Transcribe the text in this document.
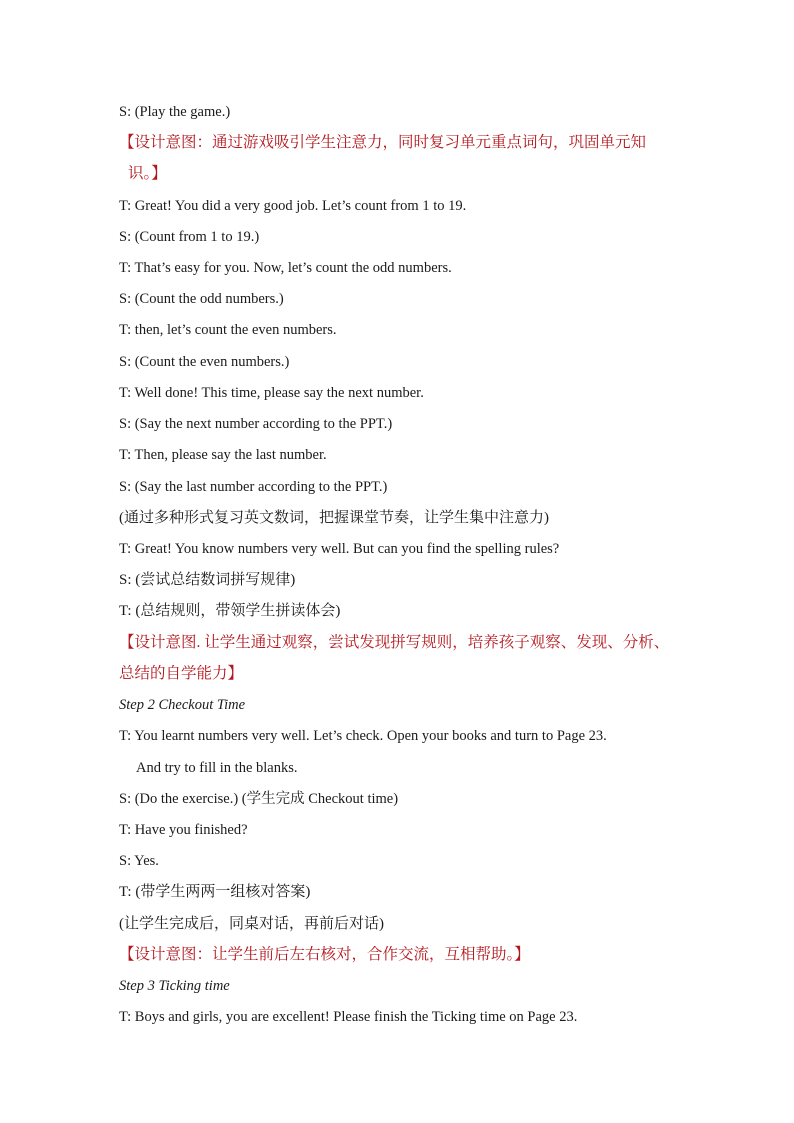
S: (Play the game.)
【设计意图：通过游戏吸引学生注意力，同时复习单元重点词句，巩固单元知
识。】
T: Great! You did a very good job. Let’s count from 1 to 19.
S: (Count from 1 to 19.)
T: That’s easy for you. Now, let’s count the odd numbers.
S: (Count the odd numbers.)
T: then, let’s count the even numbers.
S: (Count the even numbers.)
T: Well done! This time, please say the next number.
S: (Say the next number according to the PPT.)
T: Then, please say the last number.
S: (Say the last number according to the PPT.)
(通过多种形式复习英文数词，把握课堂节奏，让学生集中注意力)
T: Great! You know numbers very well. But can you find the spelling rules?
S: (尝试总结数词拼写规律)
T: (总结规则，带领学生拼读体会)
【设计意图. 让学生通过观察，尝试发现拼写规则，培养孩子观察、发现、分析、
总结的自学能力】
Step 2 Checkout Time
T: You learnt numbers very well. Let’s check. Open your books and turn to Page 23.
And try to fill in the blanks.
S: (Do the exercise.) (学生完成 Checkout time)
T: Have you finished?
S: Yes.
T: (带学生两两一组核对答案)
(让学生完成后，同桌对话，再前后对话)
【设计意图：让学生前后左右核对，合作交流，互相帮助。】
Step 3 Ticking time
T: Boys and girls, you are excellent! Please finish the Ticking time on Page 23.
